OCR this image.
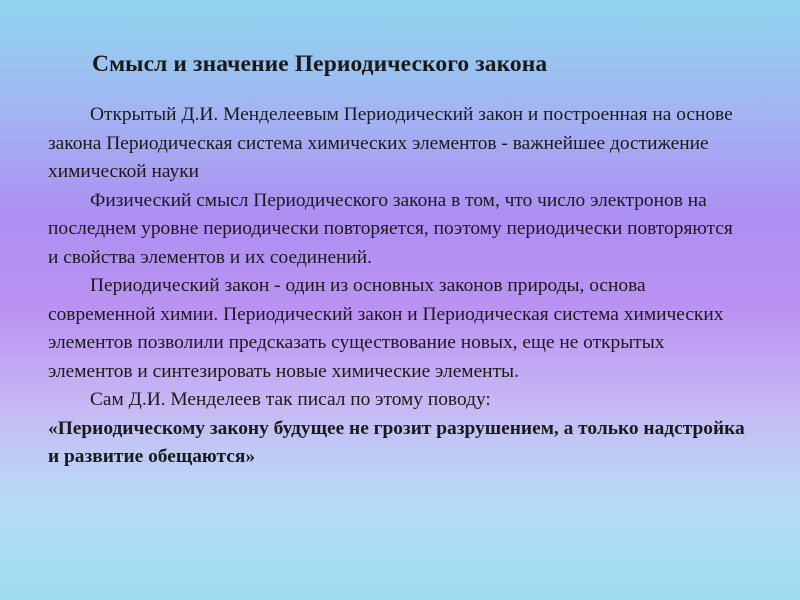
Смысл и значение Периодического закона

Открытый Д.И. Менделеевым Периодический закон и построенная на основе закона Периодическая система химических элементов - важнейшее достижение химической науки

Физический смысл Периодического закона в том, что число электронов на последнем уровне периодически повторяется, поэтому периодически повторяются и свойства элементов и их соединений.

Периодический закон - один из основных законов природы, основа современной химии. Периодический закон и Периодическая система химических элементов позволили предсказать существование новых, еще не открытых элементов и синтезировать новые химические элементы.

Сам Д.И. Менделеев так писал по этому поводу:

«Периодическому закону будущее не грозит разрушением, а только надстройка и развитие обещаются»
